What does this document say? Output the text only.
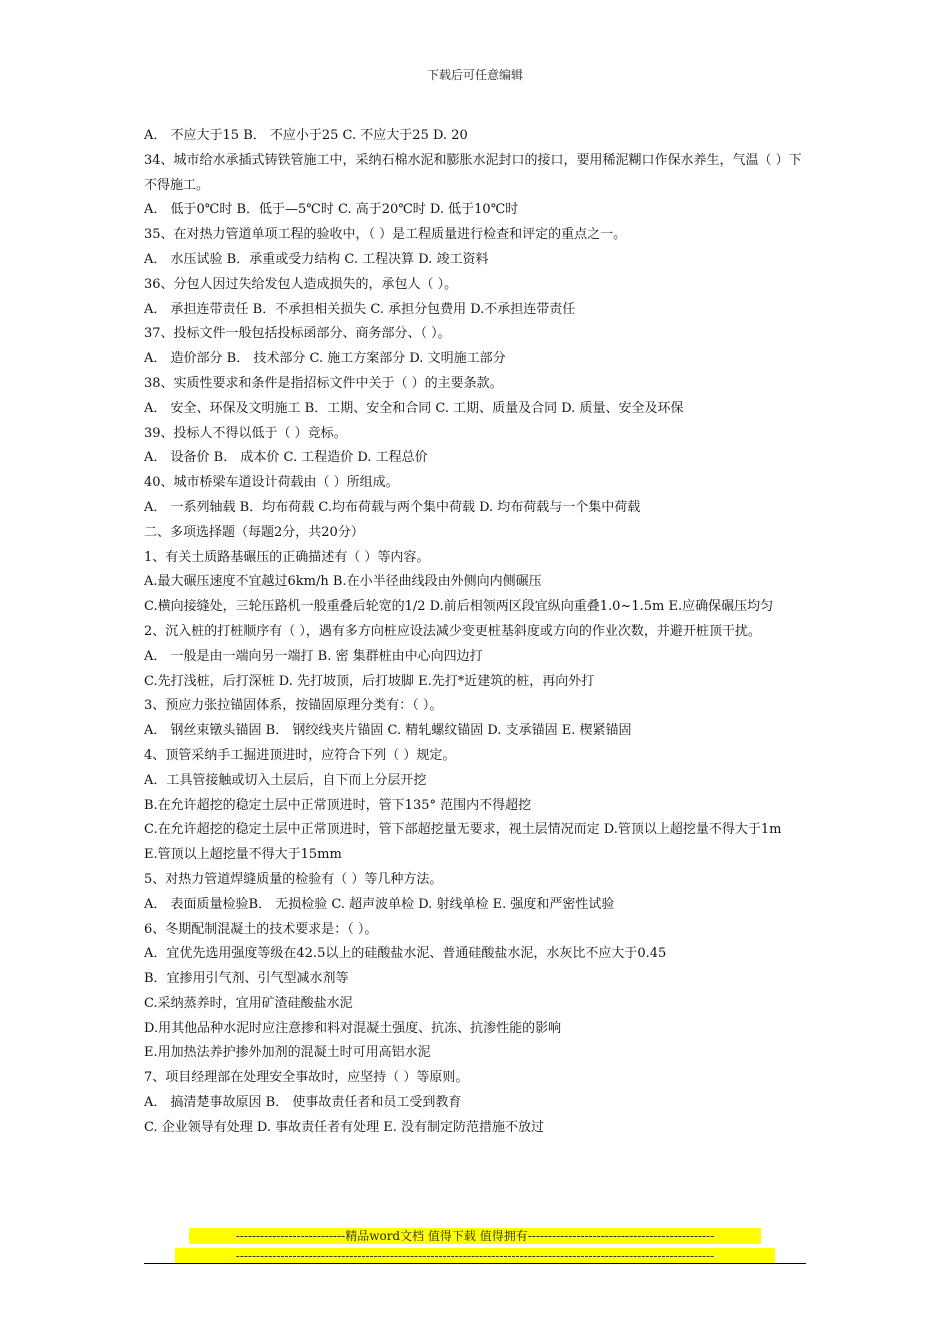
下载后可任意编辑
A． 不应大于15 B． 不应小于25 C. 不应大于25 D. 20
34、城市给水承插式铸铁管施工中，采纳石棉水泥和膨胀水泥封口的接口，要用稀泥糊口作保水养生，气温（ ）下不得施工。
A． 低于0℃时 B．低于—5℃时 C. 高于20℃时 D. 低于10℃时
35、在对热力管道单项工程的验收中，（ ）是工程质量进行检查和评定的重点之一。
A． 水压试验 B．承重或受力结构 C. 工程决算 D. 竣工资料
36、分包人因过失给发包人造成损失的，承包人（ ）。
A． 承担连带责任 B．不承担相关损失 C. 承担分包费用 D.不承担连带责任
37、投标文件一般包括投标函部分、商务部分、（ ）。
A． 造价部分 B． 技术部分 C. 施工方案部分 D. 文明施工部分
38、实质性要求和条件是指招标文件中关于（ ）的主要条款。
A． 安全、环保及文明施工 B．工期、安全和合同 C. 工期、质量及合同 D. 质量、安全及环保
39、投标人不得以低于（ ）竞标。
A． 设备价 B． 成本价 C. 工程造价 D. 工程总价
40、城市桥梁车道设计荷载由（ ）所组成。
A． 一系列轴载 B．均布荷载 C.均布荷载与两个集中荷载 D. 均布荷载与一个集中荷载
二、多项选择题（每题2分，共20分）
1、有关土质路基碾压的正确描述有（ ）等内容。
A.最大碾压速度不宜越过6km/h B.在小半径曲线段由外侧向内侧碾压
C.横向接缝处，三轮压路机一般重叠后轮宽的1/2 D.前后相领两区段宜纵向重叠1.0~1.5m E.应确保碾压均匀
2、沉入桩的打桩顺序有（ ），遇有多方向桩应设法减少变更桩基斜度或方向的作业次数，并避开桩顶干扰。
A． 一般是由一端向另一端打 B. 密 集群桩由中心向四边打
C.先打浅桩，后打深桩 D. 先打坡顶，后打坡脚 E.先打*近建筑的桩，再向外打
3、预应力张拉锚固体系，按锚固原理分类有：（ ）。
A． 钢丝束镦头锚固 B． 钢绞线夹片锚固 C. 精轧螺纹锚固 D. 支承锚固 E. 楔紧锚固
4、顶管采纳手工掘进顶进时，应符合下列（ ）规定。
A．工具管接触或切入土层后，自下而上分层开挖
B.在允许超挖的稳定土层中正常顶进时，管下135° 范围内不得超挖
C.在允许超挖的稳定土层中正常顶进时，管下部超挖量无要求，视土层情况而定 D.管顶以上超挖量不得大于1m
E.管顶以上超挖量不得大于15mm
5、对热力管道焊缝质量的检验有（ ）等几种方法。
A． 表面质量检验B． 无损检验 C. 超声波单检 D. 射线单检 E. 强度和严密性试验
6、冬期配制混凝土的技术要求是：（ ）。
A．宜优先选用强度等级在42.5以上的硅酸盐水泥、普通硅酸盐水泥，水灰比不应大于0.45
B．宜掺用引气剂、引气型减水剂等
C.采纳蒸养时，宜用矿渣硅酸盐水泥
D.用其他品种水泥时应注意掺和料对混凝土强度、抗冻、抗渗性能的影响
E.用加热法养护掺外加剂的混凝土时可用高铝水泥
7、项目经理部在处理安全事故时，应坚持（ ）等原则。
A． 搞清楚事故原因 B． 使事故责任者和员工受到教育
C. 企业领导有处理 D. 事故责任者有处理 E. 没有制定防范措施不放过
---------------------------精品word文档 值得下载 值得拥有----------------------------------------------
----------------------------------------------------------------------------------------------------------------------
